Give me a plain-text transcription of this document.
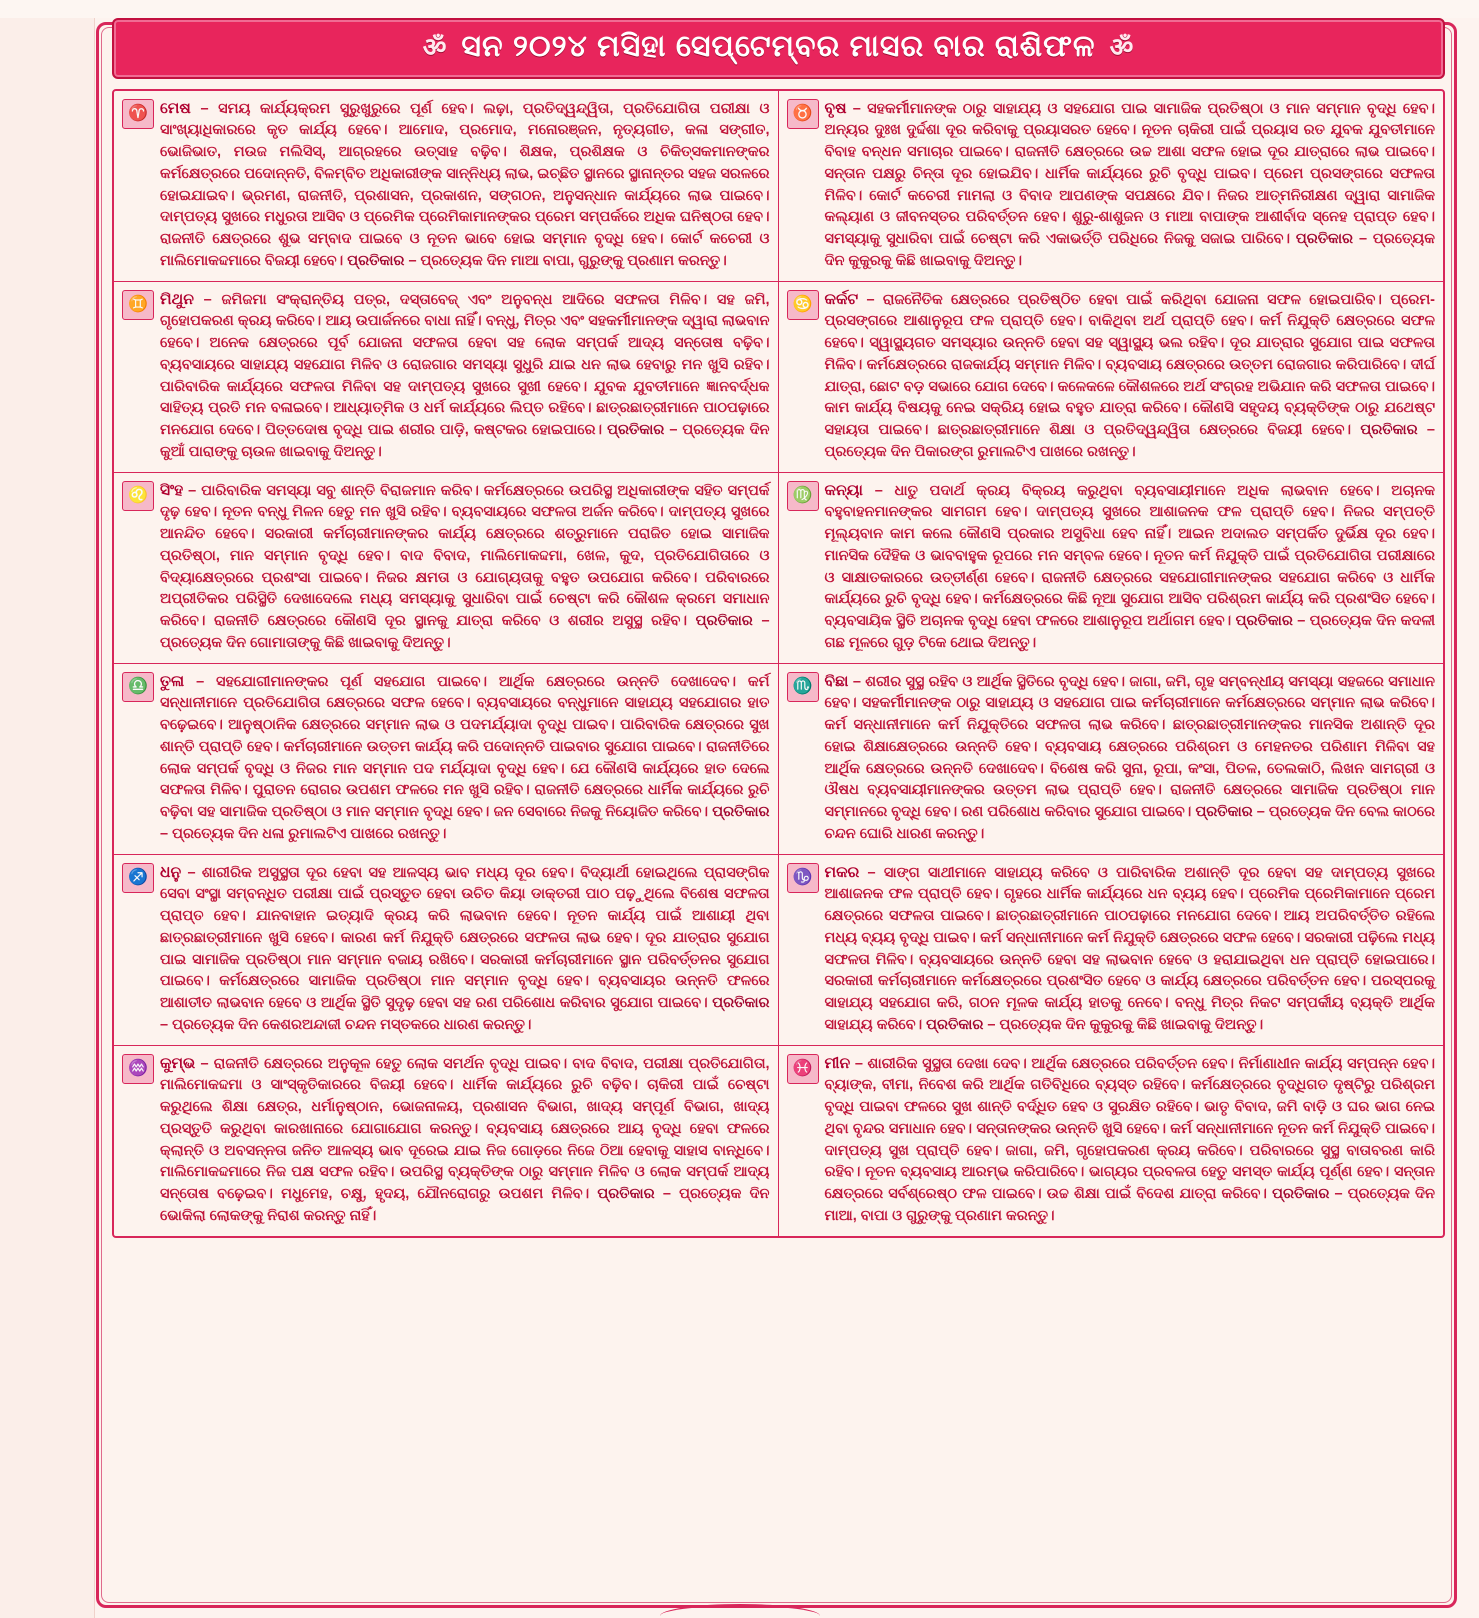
ॐ ସନ ୨୦୨୪ ମସିହା ସେପ୍ଟେମ୍ବର ମାସର ବାର ରାଶିଫଳ ॐ
♈ ମେଷ – ସମୟ କାର୍ଯ୍ୟକ୍ରମ ସୁରୁଖୁରୁରେ ପୂର୍ଣ ହେବ। ଲଢ଼ା, ପ୍ରତିଦ୍ୱନ୍ଦ୍ୱିତା, ପ୍ରତିଯୋଗିତା ପରୀକ୍ଷା ଓ ସାଂଖ୍ୟାଧିକାରରେ କୃତ କାର୍ଯ୍ୟ ହେବେ। ଆମୋଦ, ପ୍ରମୋଦ, ମନୋରଞ୍ଜନ, ନୃତ୍ୟଗୀତ, କଳା ସଙ୍ଗୀତ, ଭୋଜିଭାତ, ମଉଜ ମଲିସିସ୍, ଆଗ୍ରହରେ ଉତ୍ସାହ ବଢ଼ିବ। ଶିକ୍ଷକ, ପ୍ରଶିକ୍ଷକ ଓ ଚିକିତ୍ସକମାନଙ୍କର କର୍ମକ୍ଷେତ୍ରରେ ପଦୋନ୍ନତି, ବିଳମ୍ବିତ ଅଧିକାରୀଙ୍କ ସାନ୍ନିଧ୍ୟ ଲାଭ, ଇଚ୍ଛିତ ସ୍ଥାନରେ ସ୍ଥାନାନ୍ତର ସହଜ ସରଳରେ ହୋଇଯାଇବ। ଭ୍ରମଣ, ରାଜନୀତି, ପ୍ରଶାସନ, ପ୍ରକାଶନ, ସଙ୍ଗଠନ, ଅନୁସନ୍ଧାନ କାର୍ଯ୍ୟରେ ଲାଭ ପାଇବେ। ଦାମ୍ପତ୍ୟ ସୁଖରେ ମଧୁରତା ଆସିବ ଓ ପ୍ରେମିକ ପ୍ରେମିକାମାନଙ୍କର ପ୍ରେମ ସମ୍ପର୍କରେ ଅଧିକ ଘନିଷ୍ଠତା ହେବ। ରାଜନୀତି କ୍ଷେତ୍ରରେ ଶୁଭ ସମ୍ବାଦ ପାଇବେ ଓ ନୂତନ ଭାବେ ହୋଇ ସମ୍ମାନ ବୃଦ୍ଧି ହେବ। କୋର୍ଟ କଚେରୀ ଓ ମାଲିମୋକଦ୍ଦମାରେ ବିଜୟୀ ହେବେ। ପ୍ରତିକାର – ପ୍ରତ୍ୟେକ ଦିନ ମାଆ ବାପା, ଗୁରୁଙ୍କୁ ପ୍ରଣାମ କରନ୍ତୁ।
♉ ବୃଷ – ସହକର୍ମୀମାନଙ୍କ ଠାରୁ ସାହାଯ୍ୟ ଓ ସହଯୋଗ ପାଇ ସାମାଜିକ ପ୍ରତିଷ୍ଠା ଓ ମାନ ସମ୍ମାନ ବୃଦ୍ଧି ହେବ। ଅନ୍ୟର ଦୁଃଖ ଦୁର୍ଦ୍ଦଶା ଦୂର କରିବାକୁ ପ୍ରୟାସରତ ହେବେ। ନୂତନ ଚାକିରୀ ପାଇଁ ପ୍ରୟାସ ରତ ଯୁବକ ଯୁବତୀମାନେ ବିବାହ ବନ୍ଧନ ସମାଚାର ପାଇବେ। ରାଜନୀତି କ୍ଷେତ୍ରରେ ଉଚ୍ଚ ଆଶା ସଫଳ ହୋଇ ଦୂର ଯାତ୍ରାରେ ଲାଭ ପାଇବେ। ସନ୍ତାନ ପକ୍ଷରୁ ଚିନ୍ତା ଦୂର ହୋଇଯିବ। ଧାର୍ମିକ କାର୍ଯ୍ୟରେ ରୁଚି ବୃଦ୍ଧି ପାଇବ। ପ୍ରେମ ପ୍ରସଙ୍ଗରେ ସଫଳତା ମିଳିବ। କୋର୍ଟ କଚେରୀ ମାମଲା ଓ ବିବାଦ ଆପଣଙ୍କ ସପକ୍ଷରେ ଯିବ। ନିଜର ଆତ୍ମନିରୀକ୍ଷଣ ଦ୍ୱାରା ସାମାଜିକ କଲ୍ୟାଣ ଓ ଜୀବନସ୍ତର ପରିବର୍ତ୍ତନ ହେବ। ଶୁରୁ-ଶାଶୁଜନ ଓ ମାଆ ବାପାଙ୍କ ଆଶୀର୍ବାଦ ସ୍ନେହ ପ୍ରାପ୍ତ ହେବ। ସମସ୍ୟାକୁ ସୁଧାରିବା ପାଇଁ ଚେଷ୍ଟା କରି ଏକାଭର୍ତ୍ତି ପରିଧିରେ ନିଜକୁ ସଜାଇ ପାରିବେ। ପ୍ରତିକାର – ପ୍ରତ୍ୟେକ ଦିନ କୁକୁରକୁ କିଛି ଖାଇବାକୁ ଦିଅନ୍ତୁ।
♊ ମିଥୁନ – ଜମିଜମା ସଂକ୍ରାନ୍ତିୟ ପତ୍ର, ଦସ୍ତାବେଜ୍ ଏବଂ ଅନୁବନ୍ଧ ଆଦିରେ ସଫଳତା ମିଳିବ। ସହ ଜମି, ଗୃହୋପକରଣ କ୍ରୟ କରିବେ। ଆୟ ଉପାର୍ଜନରେ ବାଧା ନାହିଁ। ବନ୍ଧୁ, ମିତ୍ର ଏବଂ ସହକର୍ମୀମାନଙ୍କ ଦ୍ୱାରା ଲାଭବାନ ହେବେ। ଅନେକ କ୍ଷେତ୍ରରେ ପୂର୍ବ ଯୋଜନା ସଫଳତା ହେବା ସହ ଲୋକ ସମ୍ପର୍କ ଆଦ୍ୟ ସନ୍ତୋଷ ବଢ଼ିବ। ବ୍ୟବସାୟରେ ସାହାଯ୍ୟ ସହଯୋଗ ମିଳିବ ଓ ରୋଜଗାର ସମସ୍ୟା ସୁଧୁରି ଯାଇ ଧନ ଲାଭ ହେବାରୁ ମନ ଖୁସି ରହିବ। ପାରିବାରିକ କାର୍ଯ୍ୟରେ ସଫଳତା ମିଳିବା ସହ ଦାମ୍ପତ୍ୟ ସୁଖରେ ସୁଖୀ ହେବେ। ଯୁବକ ଯୁବତୀମାନେ ଜ୍ଞାନବର୍ଦ୍ଧକ ସାହିତ୍ୟ ପ୍ରତି ମନ ବଳାଇବେ। ଆଧ୍ୟାତ୍ମିକ ଓ ଧର୍ମ କାର୍ଯ୍ୟରେ ଲିପ୍ତ ରହିବେ। ଛାତ୍ରଛାତ୍ରୀମାନେ ପାଠପଢ଼ାରେ ମନଯୋଗ ଦେବେ। ପିତ୍ତଦୋଷ ବୃଦ୍ଧି ପାଇ ଶରୀର ପାଡ଼ି, କଷ୍ଟକର ହୋଇପାରେ। ପ୍ରତିକାର – ପ୍ରତ୍ୟେକ ଦିନ କୁଆଁ ପାରାଙ୍କୁ ଚାଉଳ ଖାଇବାକୁ ଦିଅନ୍ତୁ।
♋ କର୍କଟ – ରାଜନୈତିକ କ୍ଷେତ୍ରରେ ପ୍ରତିଷ୍ଠିତ ହେବା ପାଇଁ କରିଥିବା ଯୋଜନା ସଫଳ ହୋଇପାରିବ। ପ୍ରେମ-ପ୍ରସଙ୍ଗରେ ଆଶାନୁରୂପ ଫଳ ପ୍ରାପ୍ତି ହେବ। ବାକିଥିବା ଅର୍ଥ ପ୍ରାପ୍ତି ହେବ। କର୍ମ ନିଯୁକ୍ତି କ୍ଷେତ୍ରରେ ସଫଳ ହେବେ। ସ୍ୱାସ୍ଥ୍ୟଗତ ସମସ୍ୟାର ଉନ୍ନତି ହେବା ସହ ସ୍ୱାସ୍ଥ୍ୟ ଭଲ ରହିବ। ଦୂର ଯାତ୍ରାର ସୁଯୋଗ ପାଇ ସଫଳତା ମିଳିବ। କର୍ମକ୍ଷେତ୍ରରେ ରାଜକାର୍ଯ୍ୟ ସମ୍ମାନ ମିଳିବ। ବ୍ୟବସାୟ କ୍ଷେତ୍ରରେ ଉତ୍ତମ ରୋଜଗାର କରିପାରିବେ। ଦୀର୍ଘ ଯାତ୍ରା, ଛୋଟ ବଡ଼ ସଭାରେ ଯୋଗ ଦେବେ। କଳେକଳେ କୌଶଳରେ ଅର୍ଥ ସଂଗ୍ରହ ଅଭିଯାନ କରି ସଫଳତା ପାଇବେ। କାମ କାର୍ଯ୍ୟ ବିଷୟକୁ ନେଇ ସକ୍ରିୟ ହୋଇ ବହୁତ ଯାତ୍ରା କରିବେ। କୌଣସି ସହୃଦୟ ବ୍ୟକ୍ତିଙ୍କ ଠାରୁ ଯଥେଷ୍ଟ ସହାୟତା ପାଇବେ। ଛାତ୍ରଛାତ୍ରୀମାନେ ଶିକ୍ଷା ଓ ପ୍ରତିଦ୍ୱନ୍ଦ୍ୱିତା କ୍ଷେତ୍ରରେ ବିଜୟୀ ହେବେ। ପ୍ରତିକାର – ପ୍ରତ୍ୟେକ ଦିନ ପିକାରଙ୍ଗ ରୁମାଲଟିଏ ପାଖରେ ରଖନ୍ତୁ।
♌ ସିଂହ – ପାରିବାରିକ ସମସ୍ୟା ସବୁ ଶାନ୍ତି ବିରାଜମାନ କରିବ। କର୍ମକ୍ଷେତ୍ରରେ ଉପରିସ୍ଥ ଅଧିକାରୀଙ୍କ ସହିତ ସମ୍ପର୍କ ଦୃଢ଼ ହେବ। ନୂତନ ବନ୍ଧୁ ମିଳନ ହେତୁ ମନ ଖୁସି ରହିବ। ବ୍ୟବସାୟରେ ସଫଳତା ଅର୍ଜନ କରିବେ। ଦାମ୍ପତ୍ୟ ସୁଖରେ ଆନନ୍ଦିତ ହେବେ। ସରକାରୀ କର୍ମଚାରୀମାନଙ୍କର କାର୍ଯ୍ୟ କ୍ଷେତ୍ରରେ ଶତ୍ରୁମାନେ ପରାଜିତ ହୋଇ ସାମାଜିକ ପ୍ରତିଷ୍ଠା, ମାନ ସମ୍ମାନ ବୃଦ୍ଧି ହେବ। ବାଦ ବିବାଦ, ମାଲିମୋକଦ୍ଦମା, ଖେଳ, କୁଦ, ପ୍ରତିଯୋଗିତାରେ ଓ ବିଦ୍ୟାକ୍ଷେତ୍ରରେ ପ୍ରଶଂସା ପାଇବେ। ନିଜର କ୍ଷମତା ଓ ଯୋଗ୍ୟତାକୁ ବହୁତ ଉପଯୋଗ କରିବେ। ପରିବାରରେ ଅପ୍ରୀତିକର ପରିସ୍ଥିତି ଦେଖାଦେଲେ ମଧ୍ୟ ସମସ୍ୟାକୁ ସୁଧାରିବା ପାଇଁ ଚେଷ୍ଟା କରି କୌଶଳ କ୍ରମେ ସମାଧାନ କରିବେ। ରାଜନୀତି କ୍ଷେତ୍ରରେ କୌଣସି ଦୂର ସ୍ଥାନକୁ ଯାତ୍ରା କରିବେ ଓ ଶରୀର ଅସୁସ୍ଥ ରହିବ। ପ୍ରତିକାର – ପ୍ରତ୍ୟେକ ଦିନ ଗୋମାତାଙ୍କୁ କିଛି ଖାଇବାକୁ ଦିଅନ୍ତୁ।
♍ କନ୍ୟା – ଧାତୁ ପଦାର୍ଥ କ୍ରୟ ବିକ୍ରୟ କରୁଥିବା ବ୍ୟବସାୟୀମାନେ ଅଧିକ ଲାଭବାନ ହେବେ। ଅଚାନକ ବହୁବାହନମାନଙ୍କର ସାମଗମ ହେବ। ଦାମ୍ପତ୍ୟ ସୁଖରେ ଆଶାଜନକ ଫଳ ପ୍ରାପ୍ତି ହେବ। ନିଜର ସମ୍ପତ୍ତି ମୂଲ୍ୟବାନ କାମ କଲେ କୌଣସି ପ୍ରକାର ଅସୁବିଧା ହେବ ନାହିଁ। ଆଇନ ଅଦାଲତ ସମ୍ପର୍କିତ ଦୁର୍ଭିକ୍ଷ ଦୂର ହେବ। ମାନସିକ ଦୈହିକ ଓ ଭାବବାହୁକ ରୂପରେ ମନ ସମ୍ବଳ ହେବେ। ନୂତନ କର୍ମ ନିଯୁକ୍ତି ପାଇଁ ପ୍ରତିଯୋଗିତା ପରୀକ୍ଷାରେ ଓ ସାକ୍ଷାତକାରରେ ଉତ୍ତୀର୍ଣ୍ଣ ହେବେ। ରାଜନୀତି କ୍ଷେତ୍ରରେ ସହଯୋଗୀମାନଙ୍କର ସହଯୋଗ କରିବେ ଓ ଧାର୍ମିକ କାର୍ଯ୍ୟରେ ରୁଚି ବୃଦ୍ଧି ହେବ। କର୍ମକ୍ଷେତ୍ରରେ କିଛି ନୂଆ ସୁଯୋଗ ଆସିବ ପରିଶ୍ରମ କାର୍ଯ୍ୟ କରି ପ୍ରଶଂସିତ ହେବେ। ବ୍ୟବସାୟିକ ସ୍ଥିତି ଅଚାନକ ବୃଦ୍ଧି ହେବା ଫଳରେ ଆଶାନୁରୂପ ଅର୍ଥାଗମ ହେବ। ପ୍ରତିକାର – ପ୍ରତ୍ୟେକ ଦିନ କଦଳୀ ଗଛ ମୂଳରେ ଗୁଡ଼ ଟିକେ ଥୋଇ ଦିଅନ୍ତୁ।
♎ ତୁଳା – ସହଯୋଗୀମାନଙ୍କର ପୂର୍ଣ ସହଯୋଗ ପାଇବେ। ଆର୍ଥିକ କ୍ଷେତ୍ରରେ ଉନ୍ନତି ଦେଖାଦେବ। କର୍ମ ସନ୍ଧାନୀମାନେ ପ୍ରତିଯୋଗିତା କ୍ଷେତ୍ରରେ ସଫଳ ହେବେ। ବ୍ୟବସାୟରେ ବନ୍ଧୁମାନେ ସାହାଯ୍ୟ ସହଯୋଗର ହାତ ବଢ଼େଇବେ। ଆନୁଷ୍ଠାନିକ କ୍ଷେତ୍ରରେ ସମ୍ମାନ ଲାଭ ଓ ପଦମର୍ଯ୍ୟାଦା ବୃଦ୍ଧି ପାଇବ। ପାରିବାରିକ କ୍ଷେତ୍ରରେ ସୁଖ ଶାନ୍ତି ପ୍ରାପ୍ତି ହେବ। କର୍ମଚାରୀମାନେ ଉତ୍ତମ କାର୍ଯ୍ୟ କରି ପଦୋନ୍ନତି ପାଇବାର ସୁଯୋଗ ପାଇବେ। ରାଜନୀତିରେ ଲୋକ ସମ୍ପର୍କ ବୃଦ୍ଧି ଓ ନିଜର ମାନ ସମ୍ମାନ ପଦ ମର୍ଯ୍ୟାଦା ବୃଦ୍ଧି ହେବ। ଯେ କୌଣସି କାର୍ଯ୍ୟରେ ହାତ ଦେଲେ ସଫଳତା ମିଳିବ। ପୁରାତନ ରୋଗର ଉପଶମ ଫଳରେ ମନ ଖୁସି ରହିବ। ରାଜନୀତି କ୍ଷେତ୍ରରେ ଧାର୍ମିକ କାର୍ଯ୍ୟରେ ରୁଚି ବଢ଼ିବା ସହ ସାମାଜିକ ପ୍ରତିଷ୍ଠା ଓ ମାନ ସମ୍ମାନ ବୃଦ୍ଧି ହେବ। ଜନ ସେବାରେ ନିଜକୁ ନିୟୋଜିତ କରିବେ। ପ୍ରତିକାର – ପ୍ରତ୍ୟେକ ଦିନ ଧଳା ରୁମାଲଟିଏ ପାଖରେ ରଖନ୍ତୁ।
♏ ବିଛା – ଶରୀର ସୁସ୍ଥ ରହିବ ଓ ଆର୍ଥିକ ସ୍ଥିତିରେ ବୃଦ୍ଧି ହେବ। ଜାଗା, ଜମି, ଗୃହ ସମ୍ବନ୍ଧୀୟ ସମସ୍ୟା ସହଜରେ ସମାଧାନ ହେବ। ସହକର୍ମୀମାନଙ୍କ ଠାରୁ ସାହାଯ୍ୟ ଓ ସହଯୋଗ ପାଇ କର୍ମଚାରୀମାନେ କର୍ମକ୍ଷେତ୍ରରେ ସମ୍ମାନ ଲାଭ କରିବେ। କର୍ମ ସନ୍ଧାନୀମାନେ କର୍ମ ନିଯୁକ୍ତିରେ ସଫଳତା ଲାଭ କରିବେ। ଛାତ୍ରଛାତ୍ରୀମାନଙ୍କର ମାନସିକ ଅଶାନ୍ତି ଦୂର ହୋଇ ଶିକ୍ଷାକ୍ଷେତ୍ରରେ ଉନ୍ନତି ହେବ। ବ୍ୟବସାୟ କ୍ଷେତ୍ରରେ ପରିଶ୍ରମ ଓ ମେହନତର ପରିଣାମ ମିଳିବା ସହ ଆର୍ଥିକ କ୍ଷେତ୍ରରେ ଉନ୍ନତି ଦେଖାଦେବ। ବିଶେଷ କରି ସୁନା, ରୂପା, କଂସା, ପିତଳ, ତେଲକାଠି, ଲିଖନ ସାମଗ୍ରୀ ଓ ଔଷଧ ବ୍ୟବସାୟୀମାନଙ୍କର ଉତ୍ତମ ଲାଭ ପ୍ରାପ୍ତି ହେବ। ରାଜନୀତି କ୍ଷେତ୍ରରେ ସାମାଜିକ ପ୍ରତିଷ୍ଠା ମାନ ସମ୍ମାନରେ ବୃଦ୍ଧି ହେବ। ରଣ ପରିଶୋଧ କରିବାର ସୁଯୋଗ ପାଇବେ। ପ୍ରତିକାର – ପ୍ରତ୍ୟେକ ଦିନ ବେଲ କାଠରେ ଚନ୍ଦନ ଘୋରି ଧାରଣ କରନ୍ତୁ।
♐ ଧନୁ – ଶାରୀରିକ ଅସୁସ୍ଥତା ଦୂର ହେବା ସହ ଆଳସ୍ୟ ଭାବ ମଧ୍ୟ ଦୂର ହେବ। ବିଦ୍ୟାର୍ଥୀ ହୋଇଥିଲେ ପ୍ରାସଙ୍ଗିକ ସେବା ସଂସ୍ଥା ସମ୍ବନ୍ଧିତ ପରୀକ୍ଷା ପାଇଁ ପ୍ରସ୍ତୁତ ହେବା ଉଚିତ କିୟା ଡାକ୍ତରୀ ପାଠ ପଢ଼ୁଥିଲେ ବିଶେଷ ସଫଳତା ପ୍ରାପ୍ତ ହେବ। ଯାନବାହାନ ଇତ୍ୟାଦି କ୍ରୟ କରି ଲାଭବାନ ହେବେ। ନୂତନ କାର୍ଯ୍ୟ ପାଇଁ ଆଶାୟୀ ଥିବା ଛାତ୍ରଛାତ୍ରୀମାନେ ଖୁସି ହେବେ। କାରଣ କର୍ମ ନିଯୁକ୍ତି କ୍ଷେତ୍ରରେ ସଫଳତା ଲାଭ ହେବ। ଦୂର ଯାତ୍ରାର ସୁଯୋଗ ପାଇ ସାମାଜିକ ପ୍ରତିଷ୍ଠା ମାନ ସମ୍ମାନ ବଜାୟ ରଖିବେ। ସରକାରୀ କର୍ମଚାରୀମାନେ ସ୍ଥାନ ପରିବର୍ତ୍ତନର ସୁଯୋଗ ପାଇବେ। କର୍ମକ୍ଷେତ୍ରରେ ସାମାଜିକ ପ୍ରତିଷ୍ଠା ମାନ ସମ୍ମାନ ବୃଦ୍ଧି ହେବ। ବ୍ୟବସାୟର ଉନ୍ନତି ଫଳରେ ଆଶାତୀତ ଲାଭବାନ ହେବେ ଓ ଆର୍ଥିକ ସ୍ଥିତି ସୁଦୃଢ଼ ହେବା ସହ ରଣ ପରିଶୋଧ କରିବାର ସୁଯୋଗ ପାଇବେ। ପ୍ରତିକାର – ପ୍ରତ୍ୟେକ ଦିନ କେଶରଅନ୍ଦାଜୀ ଚନ୍ଦନ ମସ୍ତକରେ ଧାରଣ କରନ୍ତୁ।
♑ ମକର – ସାଙ୍ଗ ସାଥୀମାନେ ସାହାଯ୍ୟ କରିବେ ଓ ପାରିବାରିକ ଅଶାନ୍ତି ଦୂର ହେବା ସହ ଦାମ୍ପତ୍ୟ ସୁଖରେ ଆଶାଜନକ ଫଳ ପ୍ରାପ୍ତି ହେବ। ଗୃହରେ ଧାର୍ମିକ କାର୍ଯ୍ୟରେ ଧନ ବ୍ୟୟ ହେବ। ପ୍ରେମିକ ପ୍ରେମିକାମାନେ ପ୍ରେମ କ୍ଷେତ୍ରରେ ସଫଳତା ପାଇବେ। ଛାତ୍ରଛାତ୍ରୀମାନେ ପାଠପଢ଼ାରେ ମନଯୋଗ ଦେବେ। ଆୟ ଅପରିବର୍ତ୍ତିତ ରହିଲେ ମଧ୍ୟ ବ୍ୟୟ ବୃଦ୍ଧି ପାଇବ। କର୍ମ ସନ୍ଧାନୀମାନେ କର୍ମ ନିଯୁକ୍ତି କ୍ଷେତ୍ରରେ ସଫଳ ହେବେ। ସରକାରୀ ପଢ଼ିଲେ ମଧ୍ୟ ସଫଳତା ମିଳିବ। ବ୍ୟବସାୟରେ ଉନ୍ନତି ହେବା ସହ ଲାଭବାନ ହେବେ ଓ ହରାଯାଇଥିବା ଧନ ପ୍ରାପ୍ତି ହୋଇପାରେ। ସରକାରୀ କର୍ମଚାରୀମାନେ କର୍ମକ୍ଷେତ୍ରରେ ପ୍ରଶଂସିତ ହେବେ ଓ କାର୍ଯ୍ୟ କ୍ଷେତ୍ରରେ ପରିବର୍ତ୍ତନ ହେବ। ପରସ୍ପରକୁ ସାହାଯ୍ୟ ସହଯୋଗ କରି, ଗଠନ ମୂଳକ କାର୍ଯ୍ୟ ହାତକୁ ନେବେ। ବନ୍ଧୁ ମିତ୍ର ନିକଟ ସମ୍ପର୍କୀୟ ବ୍ୟକ୍ତି ଆର୍ଥିକ ସାହାଯ୍ୟ କରିବେ। ପ୍ରତିକାର – ପ୍ରତ୍ୟେକ ଦିନ କୁକୁରକୁ କିଛି ଖାଇବାକୁ ଦିଅନ୍ତୁ।
♒ କୁମ୍ଭ – ରାଜନୀତି କ୍ଷେତ୍ରରେ ଅନୁକୂଳ ହେତୁ ଲୋକ ସମର୍ଥନ ବୃଦ୍ଧି ପାଇବ। ବାଦ ବିବାଦ, ପରୀକ୍ଷା ପ୍ରତିଯୋଗିତା, ମାଲିମୋକଦ୍ଦମା ଓ ସାଂସ୍କୃତିକାରରେ ବିଜୟୀ ହେବେ। ଧାର୍ମିକ କାର୍ଯ୍ୟରେ ରୁଚି ବଢ଼ିବ। ଚାକିରୀ ପାଇଁ ଚେଷ୍ଟା କରୁଥିଲେ ଶିକ୍ଷା କ୍ଷେତ୍ର, ଧର୍ମାନୁଷ୍ଠାନ, ଭୋଜନାଳୟ, ପ୍ରଶାସନ ବିଭାଗ, ଖାଦ୍ୟ ସମ୍ପୂର୍ଣ ବିଭାଗ, ଖାଦ୍ୟ ପ୍ରସ୍ତୁତି କରୁଥିବା କାରଖାନାରେ ଯୋଗାଯୋଗ କରନ୍ତୁ। ବ୍ୟବସାୟ କ୍ଷେତ୍ରରେ ଆୟ ବୃଦ୍ଧି ହେବା ଫଳରେ କ୍ଲାନ୍ତି ଓ ଅବସନ୍ନତା ଜନିତ ଆଳସ୍ୟ ଭାବ ଦୂରେଇ ଯାଇ ନିଜ ଗୋଡ଼ରେ ନିଜେ ଠିଆ ହେବାକୁ ସାହାସ ବାନ୍ଧିବେ। ମାଲିମୋକଦ୍ଦମାରେ ନିଜ ପକ୍ଷ ସଫଳ ରହିବ। ଉପରିସ୍ଥ ବ୍ୟକ୍ତିଙ୍କ ଠାରୁ ସମ୍ମାନ ମିଳିବ ଓ ଲୋକ ସମ୍ପର୍କ ଆଦ୍ୟ ସନ୍ତୋଷ ବଢ଼େଇବ। ମଧୁମେହ, ଚକ୍ଷୁ, ହୃଦୟ, ଯୌନରୋଗରୁ ଉପଶମ ମିଳିବ। ପ୍ରତିକାର – ପ୍ରତ୍ୟେକ ଦିନ ଭୋକିଲା ଲୋକଙ୍କୁ ନିରାଶ କରନ୍ତୁ ନାହିଁ।
♓ ମୀନ – ଶାରୀରିକ ସୁସ୍ଥତା ଦେଖା ଦେବ। ଆର୍ଥିକ କ୍ଷେତ୍ରରେ ପରିବର୍ତ୍ତନ ହେବ। ନିର୍ମାଣାଧୀନ କାର୍ଯ୍ୟ ସମ୍ପନ୍ନ ହେବ। ବ୍ୟାଙ୍କ, ବୀମା, ନିବେଶ କରି ଆର୍ଥିକ ଗତିବିଧିରେ ବ୍ୟସ୍ତ ରହିବେ। କର୍ମକ୍ଷେତ୍ରରେ ବୃଦ୍ଧିଗତ ଦୃଷ୍ଟିରୁ ପରିଶ୍ରମ ବୃଦ୍ଧି ପାଇବା ଫଳରେ ସୁଖ ଶାନ୍ତି ବର୍ଦ୍ଧିତ ହେବ ଓ ସୁରକ୍ଷିତ ରହିବେ। ଭାତୃ ବିବାଦ, ଜମି ବାଡ଼ି ଓ ଘର ଭାଗ ନେଇ ଥିବା ବୃନ୍ଦର ସମାଧାନ ହେବ। ସନ୍ତାନଙ୍କର ଉନ୍ନତି ଖୁସି ହେବେ। କର୍ମ ସନ୍ଧାନୀମାନେ ନୂତନ କର୍ମ ନିଯୁକ୍ତି ପାଇବେ। ଦାମ୍ପତ୍ୟ ସୁଖ ପ୍ରାପ୍ତି ହେବ। ଜାଗା, ଜମି, ଗୃହୋପକରଣ କ୍ରୟ କରିବେ। ପରିବାରରେ ସୁସ୍ଥ ବାତାବରଣ କାରି ରହିବ। ନୂତନ ବ୍ୟବସାୟ ଆରମ୍ଭ କରିପାରିବେ। ଭାଗ୍ୟର ପ୍ରବଳତା ହେତୁ ସମସ୍ତ କାର୍ଯ୍ୟ ପୂର୍ଣ୍ଣ ହେବ। ସନ୍ତାନ କ୍ଷେତ୍ରରେ ସର୍ବଶ୍ରେଷ୍ଠ ଫଳ ପାଇବେ। ଉଚ୍ଚ ଶିକ୍ଷା ପାଇଁ ବିଦେଶ ଯାତ୍ରା କରିବେ। ପ୍ରତିକାର – ପ୍ରତ୍ୟେକ ଦିନ ମାଆ, ବାପା ଓ ଗୁରୁଙ୍କୁ ପ୍ରଣାମ କରନ୍ତୁ।
